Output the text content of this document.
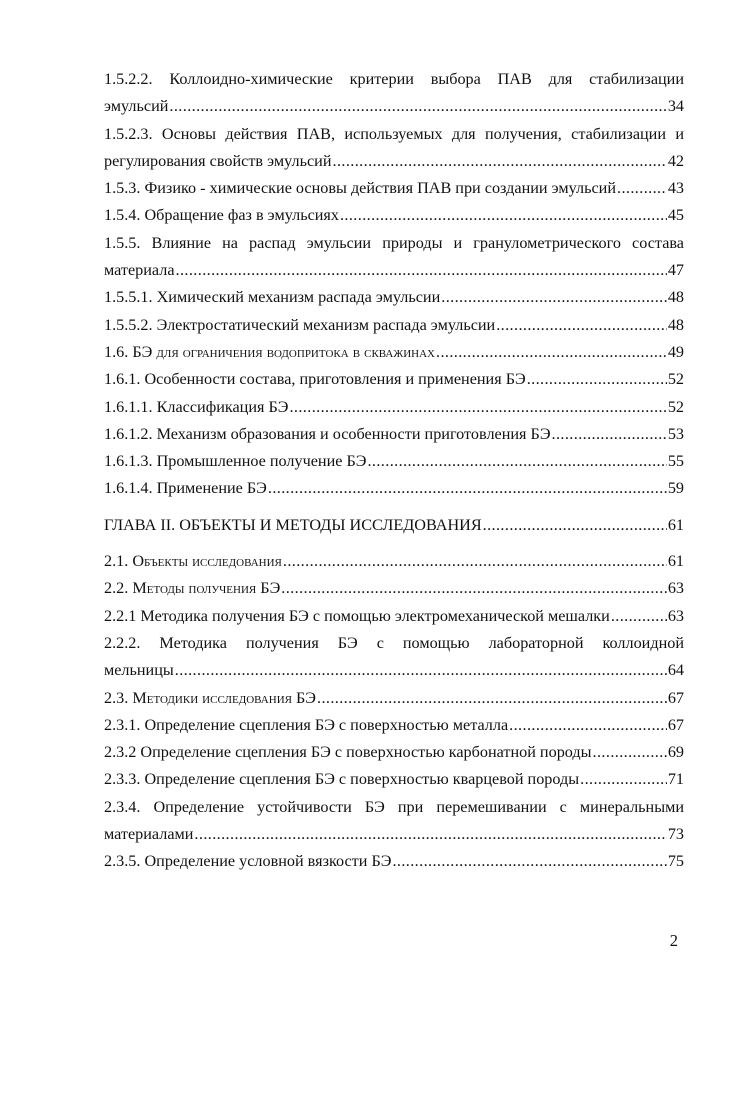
1.5.2.2. Коллоидно-химические критерии выбора ПАВ для стабилизации
эмульсий .....	34
1.5.2.3. Основы действия ПАВ, используемых для получения, стабилизации и
регулирования свойств эмульсий .....	42
1.5.3. Физико - химические основы действия ПАВ при создании эмульсий .....	43
1.5.4. Обращение фаз в эмульсиях .....	45
1.5.5. Влияние на распад эмульсии природы и гранулометрического состава
материала .....	47
1.5.5.1. Химический механизм распада эмульсии .....	48
1.5.5.2. Электростатический механизм распада эмульсии .....	48
1.6. БЭ для ограничения водопритока в скважинах .....	49
1.6.1. Особенности состава, приготовления и применения БЭ .....	52
1.6.1.1. Классификация БЭ .....	52
1.6.1.2. Механизм образования и особенности приготовления БЭ .....	53
1.6.1.3. Промышленное получение БЭ .....	55
1.6.1.4. Применение БЭ .....	59
ГЛАВА II. ОБЪЕКТЫ И МЕТОДЫ ИССЛЕДОВАНИЯ .....	61
2.1. Объекты исследования .....	61
2.2. Методы получения БЭ .....	63
2.2.1 Методика получения БЭ с помощью электромеханической мешалки .....	63
2.2.2. Методика получения БЭ с помощью лабораторной коллоидной
мельницы .....	64
2.3. Методики исследования БЭ .....	67
2.3.1. Определение сцепления БЭ с поверхностью металла .....	67
2.3.2 Определение сцепления БЭ с поверхностью карбонатной породы .....	69
2.3.3. Определение сцепления БЭ с поверхностью кварцевой породы .....	71
2.3.4. Определение устойчивости БЭ при перемешивании с минеральными
материалами .....	73
2.3.5. Определение условной вязкости БЭ .....	75
2
